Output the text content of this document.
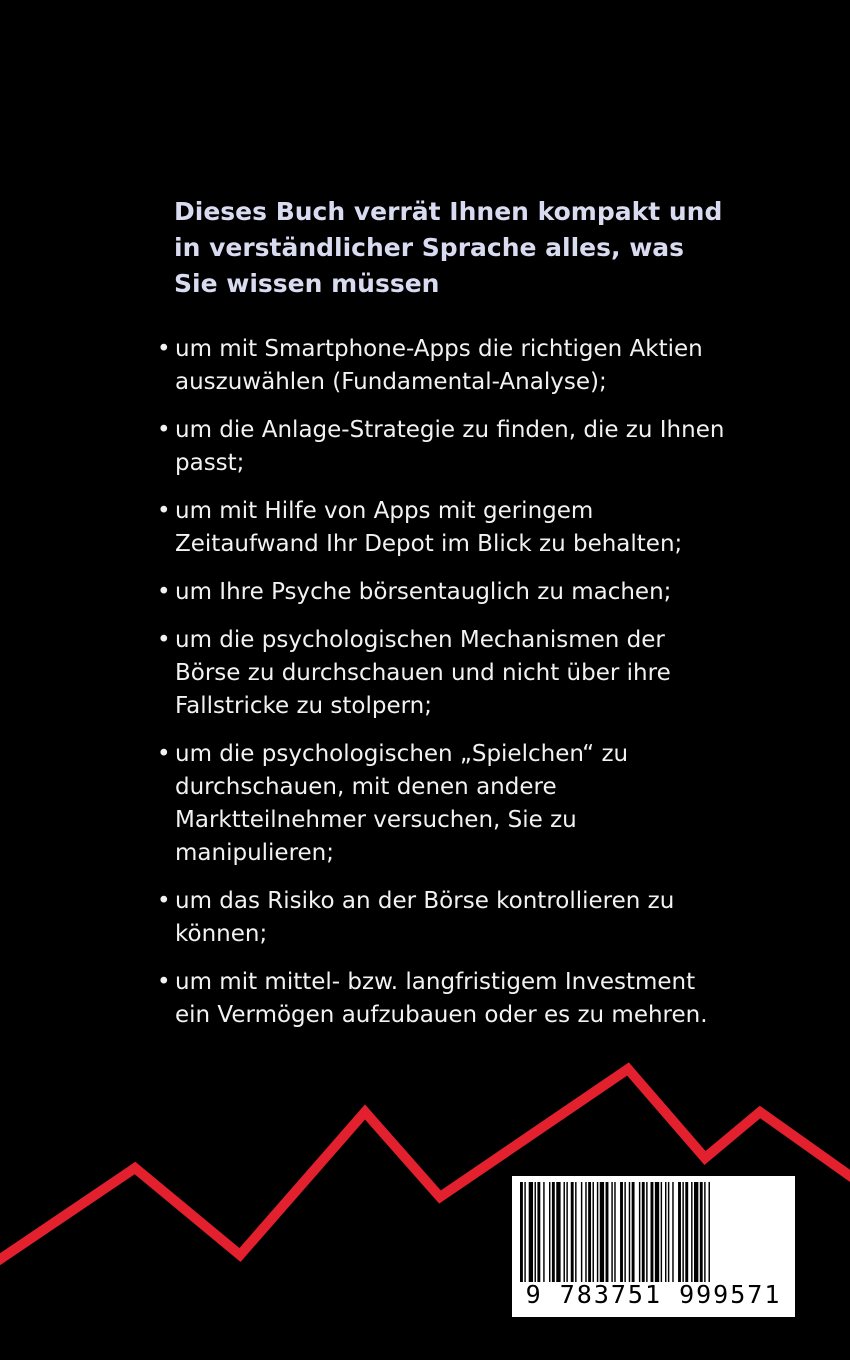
Dieses Buch verrät Ihnen kompakt und in verständlicher Sprache alles, was Sie wissen müssen

• um mit Smartphone-Apps die richtigen Aktien auszuwählen (Fundamental-Analyse);
• um die Anlage-Strategie zu finden, die zu Ihnen passt;
• um mit Hilfe von Apps mit geringem Zeitaufwand Ihr Depot im Blick zu behalten;
• um Ihre Psyche börsentauglich zu machen;
• um die psychologischen Mechanismen der Börse zu durchschauen und nicht über ihre Fallstricke zu stolpern;
• um die psychologischen „Spielchen“ zu durchschauen, mit denen andere Marktteilnehmer versuchen, Sie zu manipulieren;
• um das Risiko an der Börse kontrollieren zu können;
• um mit mittel- bzw. langfristigem Investment ein Vermögen aufzubauen oder es zu mehren.
9 783751 999571
